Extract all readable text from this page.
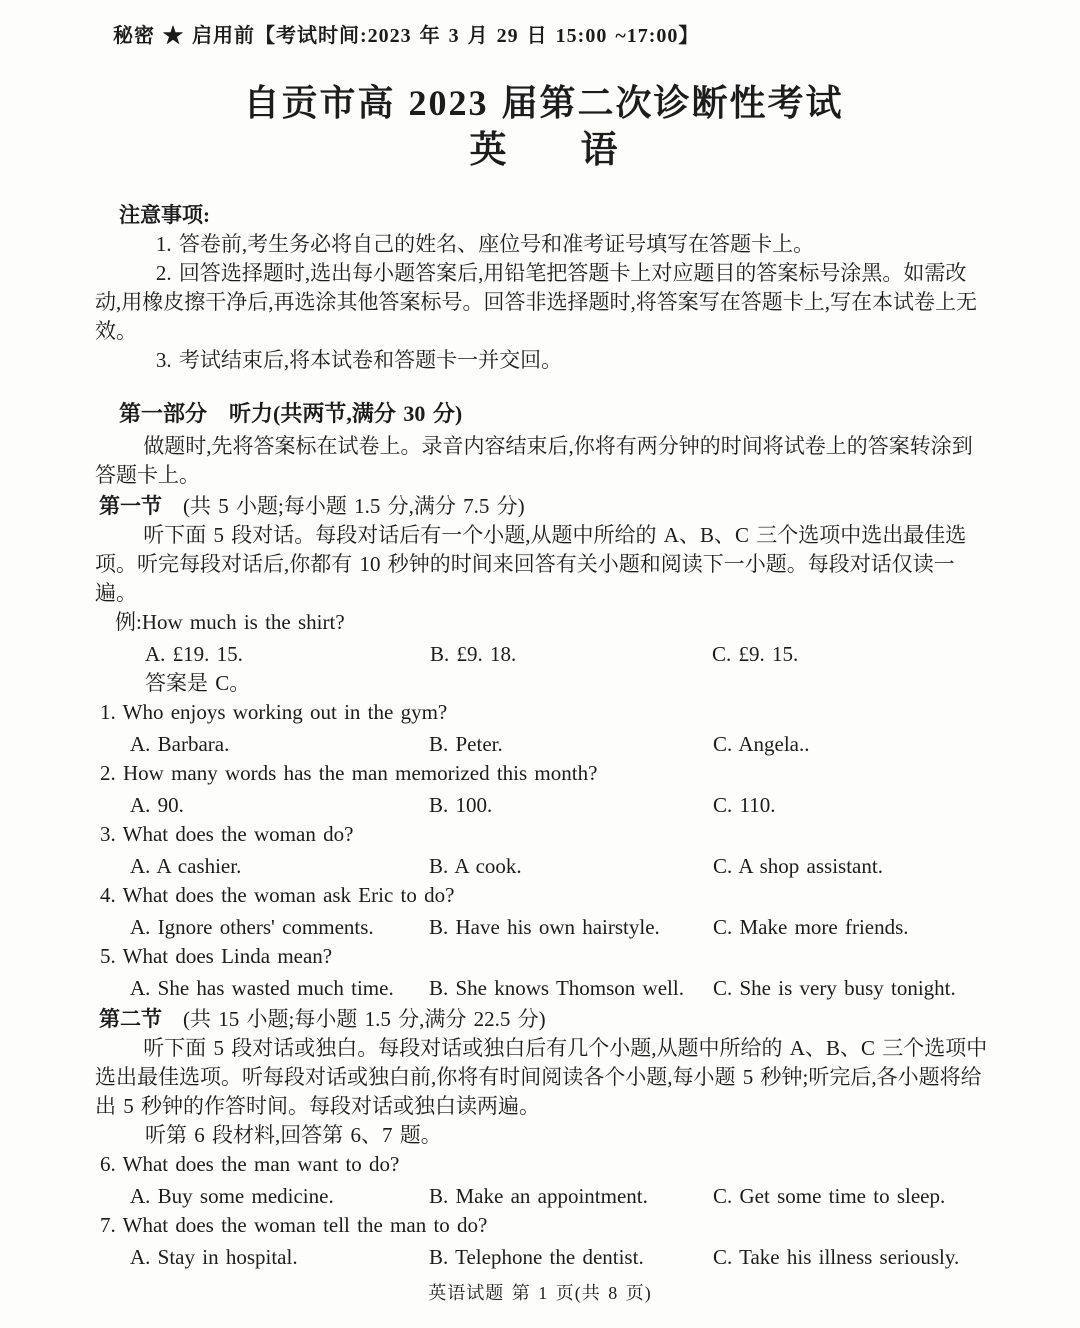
秘密 ★ 启用前【考试时间:2023 年 3 月 29 日 15:00 ~17:00】
自贡市高 2023 届第二次诊断性考试
英　　语
注意事项:

1. 答卷前,考生务必将自己的姓名、座位号和准考证号填写在答题卡上。

2. 回答选择题时,选出每小题答案后,用铅笔把答题卡上对应题目的答案标号涂黑。如需改动,用橡皮擦干净后,再选涂其他答案标号。回答非选择题时,将答案写在答题卡上,写在本试卷上无效。

3. 考试结束后,将本试卷和答题卡一并交回。

第一部分　听力(共两节,满分 30 分)

做题时,先将答案标在试卷上。录音内容结束后,你将有两分钟的时间将试卷上的答案转涂到答题卡上。

第一节　(共 5 小题;每小题 1.5 分,满分 7.5 分)

听下面 5 段对话。每段对话后有一个小题,从题中所给的 A、B、C 三个选项中选出最佳选项。听完每段对话后,你都有 10 秒钟的时间来回答有关小题和阅读下一小题。每段对话仅读一遍。

例:How much is the shirt?
A. £19. 15.	B. £9. 18.	C. £9. 15.
答案是 C。
1. Who enjoys working out in the gym?
A. Barbara.	B. Peter.	C. Angela..
2. How many words has the man memorized this month?
A. 90.	B. 100.	C. 110.
3. What does the woman do?
A. A cashier.	B. A cook.	C. A shop assistant.
4. What does the woman ask Eric to do?
A. Ignore others' comments.	B. Have his own hairstyle.	C. Make more friends.
5. What does Linda mean?
A. She has wasted much time.	B. She knows Thomson well.	C. She is very busy tonight.
第二节　(共 15 小题;每小题 1.5 分,满分 22.5 分)

听下面 5 段对话或独白。每段对话或独白后有几个小题,从题中所给的 A、B、C 三个选项中选出最佳选项。听每段对话或独白前,你将有时间阅读各个小题,每小题 5 秒钟;听完后,各小题将给出 5 秒钟的作答时间。每段对话或独白读两遍。

听第 6 段材料,回答第 6、7 题。
6. What does the man want to do?
A. Buy some medicine.	B. Make an appointment.	C. Get some time to sleep.
7. What does the woman tell the man to do?
A. Stay in hospital.	B. Telephone the dentist.	C. Take his illness seriously.
英语试题 第 1 页(共 8 页)
